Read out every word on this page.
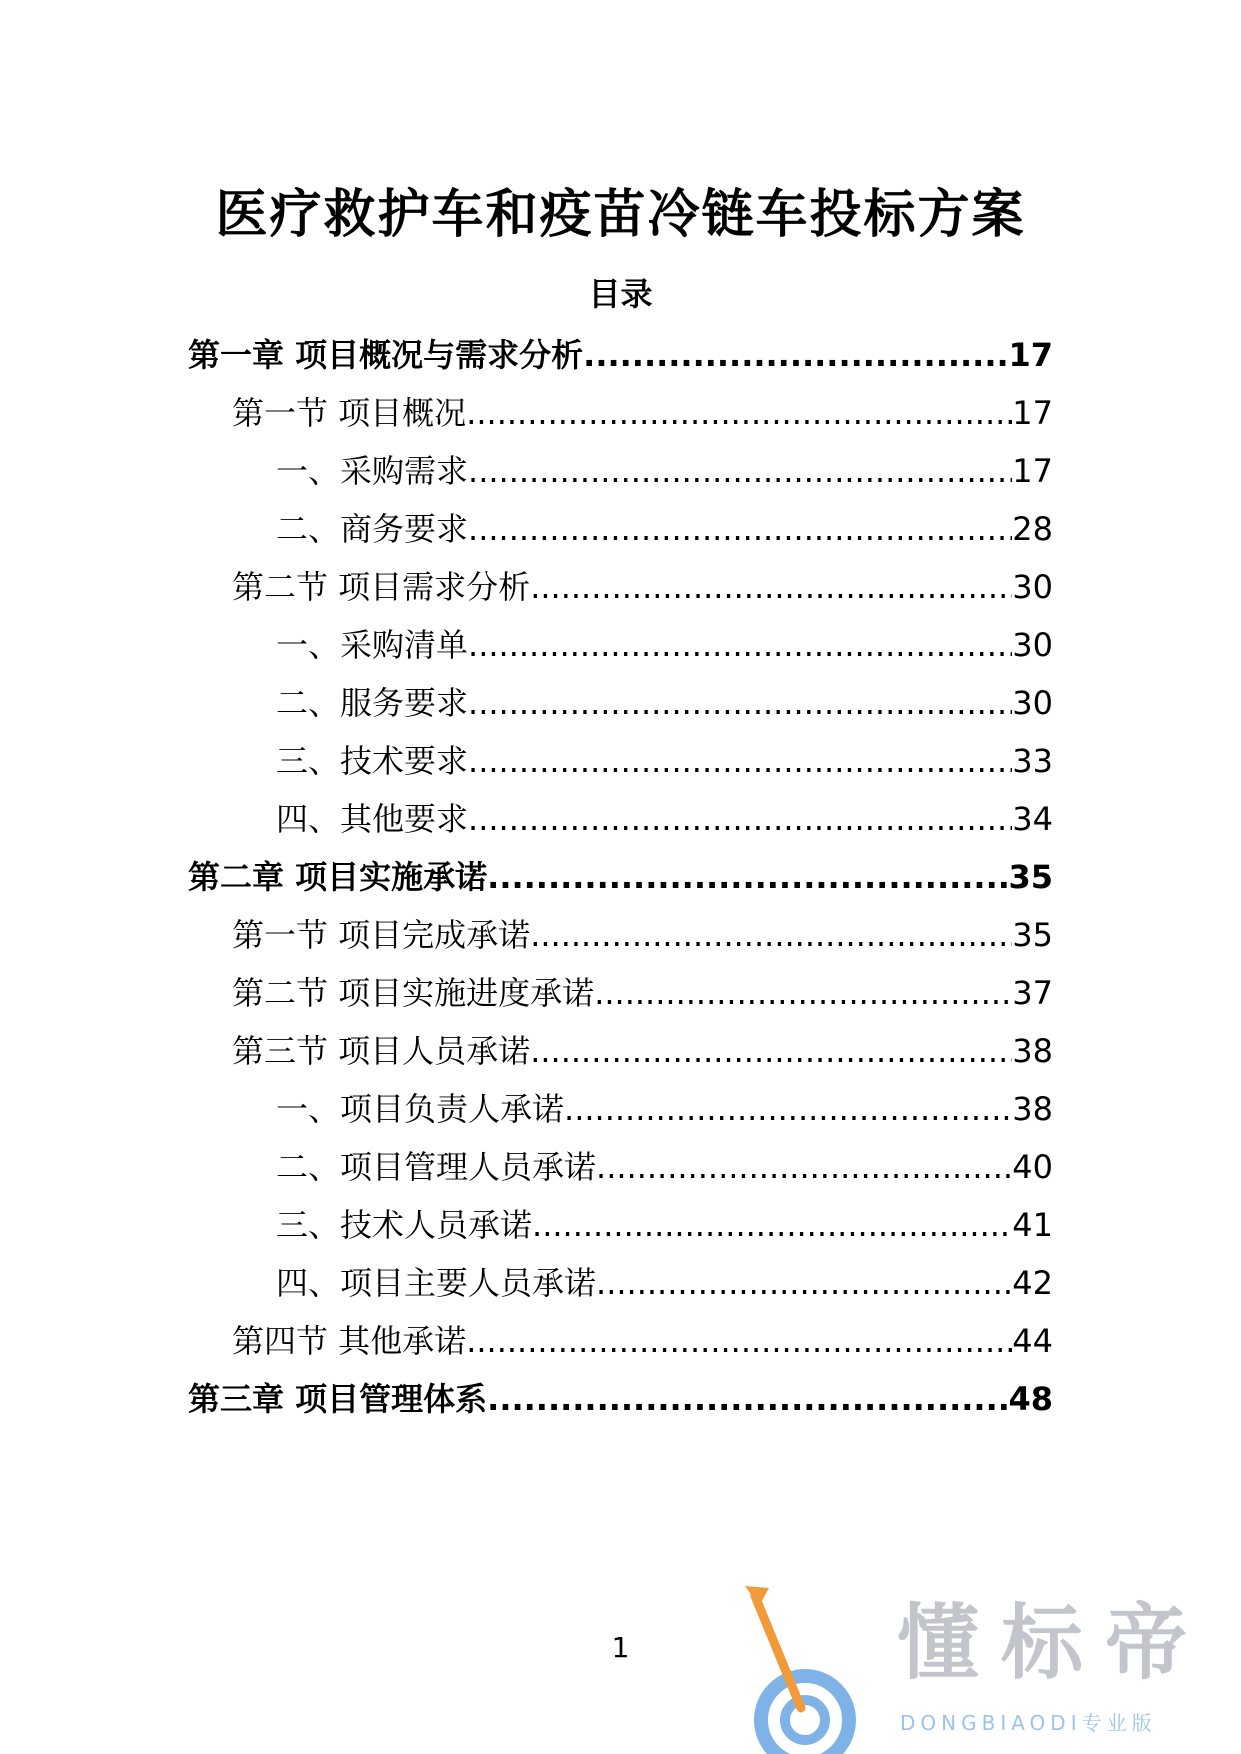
医疗救护车和疫苗冷链车投标方案
目录
第一章 项目概况与需求分析 .....	17
第一节 项目概况 .....	17
一、采购需求 .....	17
二、商务要求 .....	28
第二节 项目需求分析 .....	30
一、采购清单 .....	30
二、服务要求 .....	30
三、技术要求 .....	33
四、其他要求 .....	34
第二章 项目实施承诺 .....	35
第一节 项目完成承诺 .....	35
第二节 项目实施进度承诺 .....	37
第三节 项目人员承诺 .....	38
一、项目负责人承诺 .....	38
二、项目管理人员承诺 .....	40
三、技术人员承诺 .....	41
四、项目主要人员承诺 .....	42
第四节 其他承诺 .....	44
第三章 项目管理体系 .....	48
1	懂标帝
DONGBIAODI专业版
